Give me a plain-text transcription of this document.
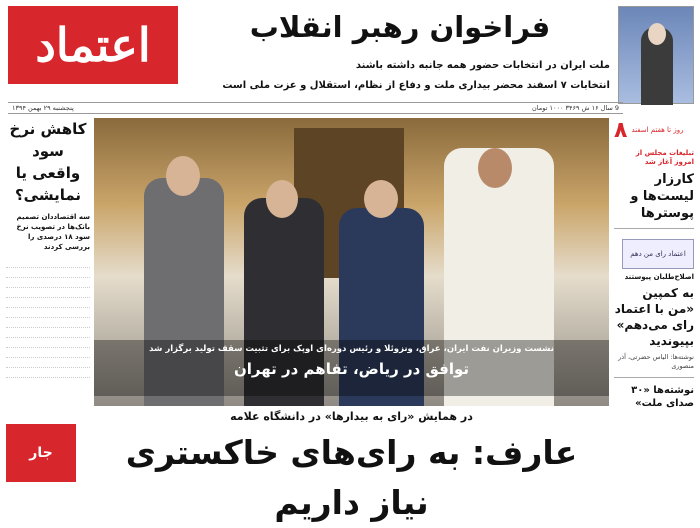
اعتماد	فراخوان رهبر انقلاب
ملت ایران در انتخابات حضور همه جانبه داشته باشند
انتخابات ۷ اسفند محضر بیداری ملت و دفاع از نظام، استقلال و عزت ملی است
9 سال ۱۶ ش ۳۴۶۹ ۱۰۰۰ تومان
پنجشنبه ۲۹ بهمن ۱۳۹۴
کاهش نرخ سود واقعی یا نمایشی؟
سه اقتصاددان تصمیم بانک‌ها در تصویب نرخ سود ۱۸ درصدی را بررسی کردند
جار
نشست وزیران نفت ایران، عراق، ونزوئلا و رئیس دوره‌ای اوپک برای تثبیت سقف تولید برگزار شد
توافق در ریاض، تفاهم در تهران
در همایش «رای به بیدارها» در دانشگاه علامه
عارف: به رای‌های خاکستری نیاز داریم
روز تا هفتم اسفند
۸
تبلیغات مجلس از امروز آغاز شد
کارزار لیست‌ها و پوسترها
اعتماد رای من دهم
اصلاح‌طلبان پیوستند
به کمپین «من با اعتماد رای می‌دهم» بپیوندید
نوشته‌ها: الیاس حضرتی، آذر منصوری
نوشته‌ها «۳۰ صدای ملت»
